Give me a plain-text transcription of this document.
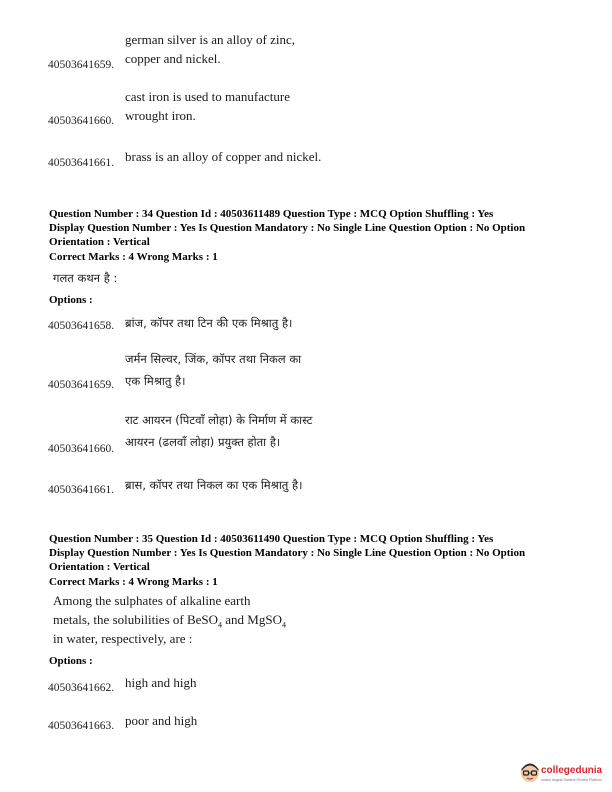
german silver is an alloy of zinc,
copper and nickel.
40503641659.
cast iron is used to manufacture
wrought iron.
40503641660.
brass is an alloy of copper and nickel.
40503641661.
Question Number : 34 Question Id : 40503611489 Question Type : MCQ Option Shuffling : Yes
Display Question Number : Yes Is Question Mandatory : No Single Line Question Option : No Option
Orientation : Vertical
Correct Marks : 4 Wrong Marks : 1
गलत कथन है :
Options :
ब्रांज, कॉपर तथा टिन की एक मिश्रातु है।
40503641658.
जर्मन सिल्वर, जिंक, कॉपर तथा निकल का
एक मिश्रातु है।
40503641659.
राट आयरन (पिटवाँ लोहा) के निर्माण में कास्ट
आयरन (ढलवाँ लोहा) प्रयुक्त होता है।
40503641660.
ब्रास, कॉपर तथा निकल का एक मिश्रातु है।
40503641661.
Question Number : 35 Question Id : 40503611490 Question Type : MCQ Option Shuffling : Yes
Display Question Number : Yes Is Question Mandatory : No Single Line Question Option : No Option
Orientation : Vertical
Correct Marks : 4 Wrong Marks : 1
Among the sulphates of alkaline earth
metals, the solubilities of BeSO$_4$ and MgSO$_4$
in water, respectively, are :
Options :
high and high
40503641662.
poor and high
40503641663.
collegedunia
India's largest Student Review Platform
